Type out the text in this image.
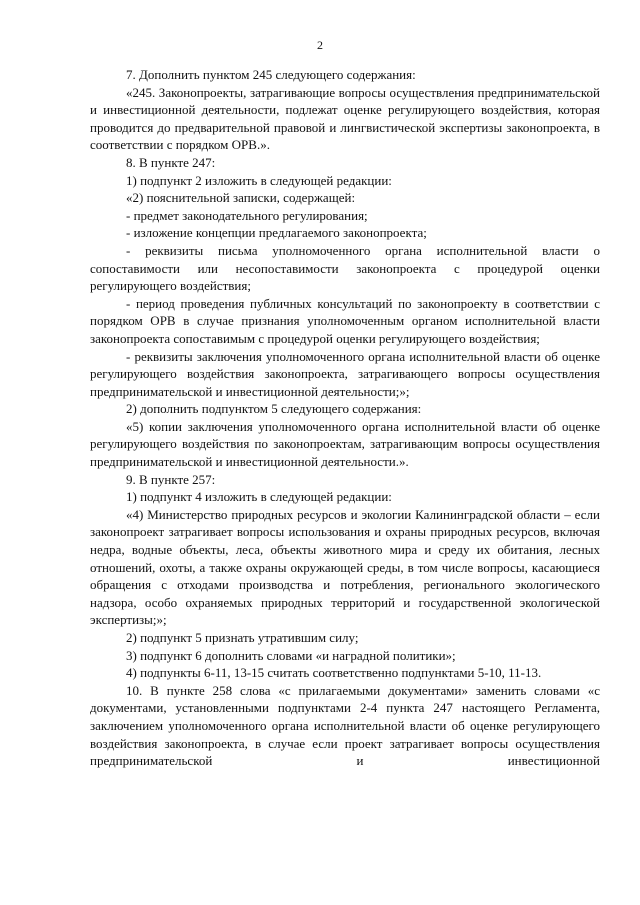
2

7. Дополнить пунктом 245 следующего содержания:

«245. Законопроекты, затрагивающие вопросы осуществления предпринимательской и инвестиционной деятельности, подлежат оценке регулирующего воздействия, которая проводится до предварительной правовой и лингвистической экспертизы законопроекта, в соответствии с порядком ОРВ.».

8. В пункте 247:

1) подпункт 2 изложить в следующей редакции:

«2) пояснительной записки, содержащей:

- предмет законодательного регулирования;

- изложение концепции предлагаемого законопроекта;

- реквизиты письма уполномоченного органа исполнительной власти о сопоставимости или несопоставимости законопроекта с процедурой оценки регулирующего воздействия;

- период проведения публичных консультаций по законопроекту в соответствии с порядком ОРВ в случае признания уполномоченным органом исполнительной власти законопроекта сопоставимым с процедурой оценки регулирующего воздействия;

- реквизиты заключения уполномоченного органа исполнительной власти об оценке регулирующего воздействия законопроекта, затрагивающего вопросы осуществления предпринимательской и инвестиционной деятельности;»;

2) дополнить подпунктом 5 следующего содержания:

«5) копии заключения уполномоченного органа исполнительной власти об оценке регулирующего воздействия по законопроектам, затрагивающим вопросы осуществления предпринимательской и инвестиционной деятельности.».

9. В пункте 257:

1) подпункт 4 изложить в следующей редакции:

«4) Министерство природных ресурсов и экологии Калининградской области – если законопроект затрагивает вопросы использования и охраны природных ресурсов, включая недра, водные объекты, леса, объекты животного мира и среду их обитания, лесных отношений, охоты, а также охраны окружающей среды, в том числе вопросы, касающиеся обращения с отходами производства и потребления, регионального экологического надзора, особо охраняемых природных территорий и государственной экологической экспертизы;»;

2) подпункт 5 признать утратившим силу;

3) подпункт 6 дополнить словами «и наградной политики»;

4) подпункты 6-11, 13-15 считать соответственно подпунктами 5-10, 11-13.

10. В пункте 258 слова «с прилагаемыми документами» заменить словами «с документами, установленными подпунктами 2-4 пункта 247 настоящего Регламента, заключением уполномоченного органа исполнительной власти об оценке регулирующего воздействия законопроекта, в случае если проект затрагивает вопросы осуществления предпринимательской и инвестиционной
